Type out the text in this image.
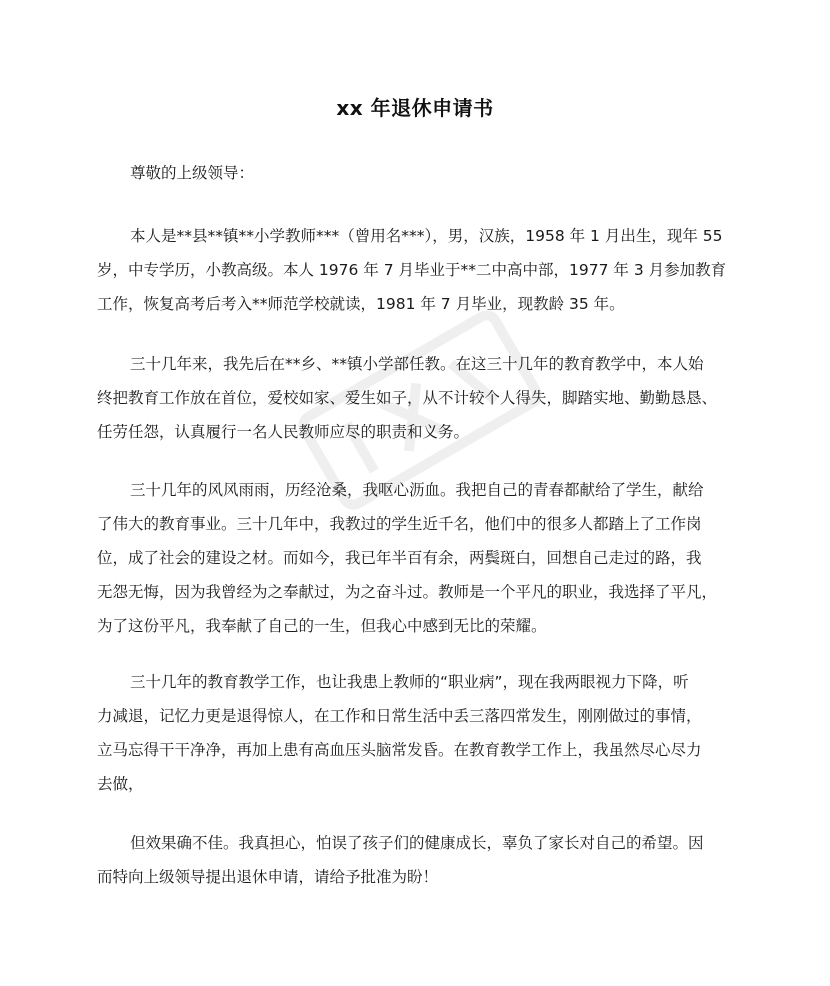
xx 年退休申请书
尊敬的上级领导：
本人是**县**镇**小学教师***（曾用名***），男，汉族，1958 年 1 月出生，现年 55
岁，中专学历，小教高级。本人 1976 年 7 月毕业于**二中高中部，1977 年 3 月参加教育
工作，恢复高考后考入**师范学校就读，1981 年 7 月毕业，现教龄 35 年。
三十几年来，我先后在**乡、**镇小学部任教。在这三十几年的教育教学中，本人始
终把教育工作放在首位，爱校如家、爱生如子，从不计较个人得失，脚踏实地、勤勤恳恳、
任劳任怨，认真履行一名人民教师应尽的职责和义务。
三十几年的风风雨雨，历经沧桑，我呕心沥血。我把自己的青春都献给了学生，献给
了伟大的教育事业。三十几年中，我教过的学生近千名，他们中的很多人都踏上了工作岗
位，成了社会的建设之材。而如今，我已年半百有余，两鬓斑白，回想自己走过的路，我
无怨无悔，因为我曾经为之奉献过，为之奋斗过。教师是一个平凡的职业，我选择了平凡，
为了这份平凡，我奉献了自己的一生，但我心中感到无比的荣耀。
三十几年的教育教学工作，也让我患上教师的“职业病”，现在我两眼视力下降，听
力减退，记忆力更是退得惊人，在工作和日常生活中丢三落四常发生，刚刚做过的事情，
立马忘得干干净净，再加上患有高血压头脑常发昏。在教育教学工作上，我虽然尽心尽力
去做，
但效果确不佳。我真担心，怕误了孩子们的健康成长，辜负了家长对自己的希望。因
而特向上级领导提出退休申请，请给予批准为盼！
